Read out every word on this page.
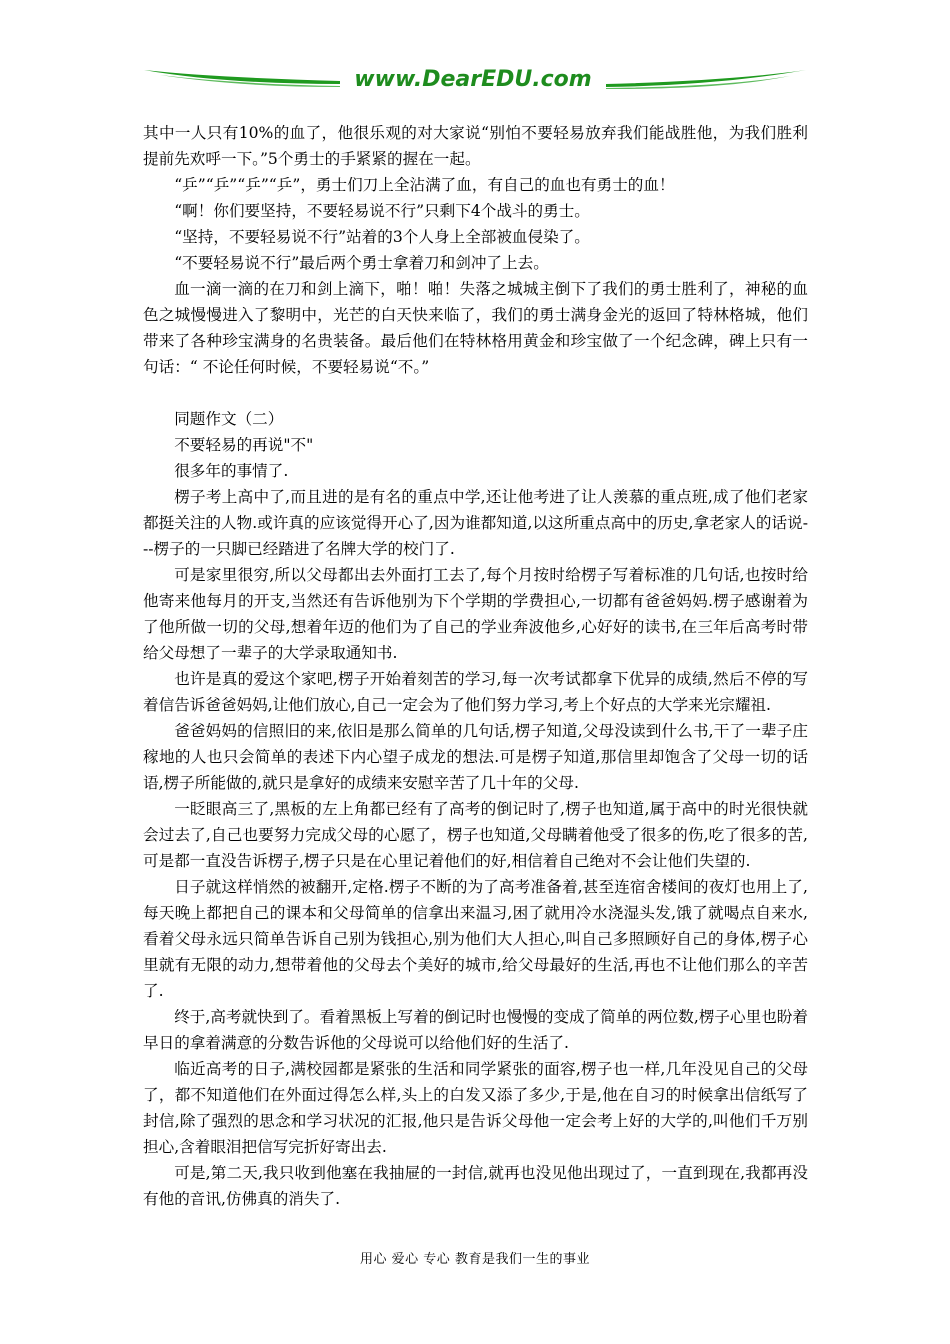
www.DearEDU.com

其中一人只有10%的血了，他很乐观的对大家说“别怕不要轻易放弃我们能战胜他，为我们胜利提前先欢呼一下。”5个勇士的手紧紧的握在一起。

“乒”“乒”“乒”“乒”，勇士们刀上全沾满了血，有自己的血也有勇士的血！

“啊！你们要坚持，不要轻易说不行”只剩下4个战斗的勇士。

“坚持，不要轻易说不行”站着的3个人身上全部被血侵染了。

“不要轻易说不行”最后两个勇士拿着刀和剑冲了上去。

血一滴一滴的在刀和剑上滴下，啪！啪！失落之城城主倒下了我们的勇士胜利了，神秘的血色之城慢慢进入了黎明中，光芒的白天快来临了，我们的勇士满身金光的返回了特林格城，他们带来了各种珍宝满身的名贵装备。最后他们在特林格用黄金和珍宝做了一个纪念碑，碑上只有一句话：“ 不论任何时候，不要轻易说“不。”

同题作文（二）

不要轻易的再说"不"

很多年的事情了.

楞子考上高中了,而且进的是有名的重点中学,还让他考进了让人羡慕的重点班,成了他们老家都挺关注的人物.或许真的应该觉得开心了,因为谁都知道,以这所重点高中的历史,拿老家人的话说---楞子的一只脚已经踏进了名牌大学的校门了.

可是家里很穷,所以父母都出去外面打工去了,每个月按时给楞子写着标准的几句话,也按时给他寄来他每月的开支,当然还有告诉他别为下个学期的学费担心,一切都有爸爸妈妈.楞子感谢着为了他所做一切的父母,想着年迈的他们为了自己的学业奔波他乡,心好好的读书,在三年后高考时带给父母想了一辈子的大学录取通知书.

也许是真的爱这个家吧,楞子开始着刻苦的学习,每一次考试都拿下优异的成绩,然后不停的写着信告诉爸爸妈妈,让他们放心,自己一定会为了他们努力学习,考上个好点的大学来光宗耀祖.

爸爸妈妈的信照旧的来,依旧是那么简单的几句话,楞子知道,父母没读到什么书,干了一辈子庄稼地的人也只会简单的表述下内心望子成龙的想法.可是楞子知道,那信里却饱含了父母一切的话语,楞子所能做的,就只是拿好的成绩来安慰辛苦了几十年的父母.

一眨眼高三了,黑板的左上角都已经有了高考的倒记时了,楞子也知道,属于高中的时光很快就会过去了,自己也要努力完成父母的心愿了，楞子也知道,父母瞒着他受了很多的伤,吃了很多的苦,可是都一直没告诉楞子,楞子只是在心里记着他们的好,相信着自己绝对不会让他们失望的.

日子就这样悄然的被翻开,定格.楞子不断的为了高考准备着,甚至连宿舍楼间的夜灯也用上了,每天晚上都把自己的课本和父母简单的信拿出来温习,困了就用冷水浇湿头发,饿了就喝点自来水,看着父母永远只简单告诉自己别为钱担心,别为他们大人担心,叫自己多照顾好自己的身体,楞子心里就有无限的动力,想带着他的父母去个美好的城市,给父母最好的生活,再也不让他们那么的辛苦了.

终于,高考就快到了。看着黑板上写着的倒记时也慢慢的变成了简单的两位数,楞子心里也盼着早日的拿着满意的分数告诉他的父母说可以给他们好的生活了.

临近高考的日子,满校园都是紧张的生活和同学紧张的面容,楞子也一样,几年没见自己的父母了，都不知道他们在外面过得怎么样,头上的白发又添了多少,于是,他在自习的时候拿出信纸写了封信,除了强烈的思念和学习状况的汇报,他只是告诉父母他一定会考上好的大学的,叫他们千万别担心,含着眼泪把信写完折好寄出去.

可是,第二天,我只收到他塞在我抽屉的一封信,就再也没见他出现过了，一直到现在,我都再没有他的音讯,仿佛真的消失了.

用心 爱心 专心 教育是我们一生的事业
